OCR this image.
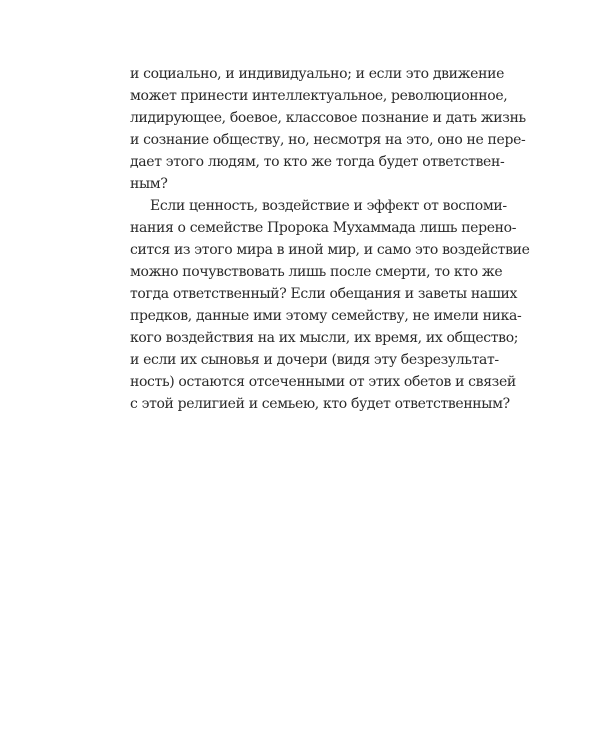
и социально, и индивидуально; и если это движение
может принести интеллектуальное, революционное,
лидирующее, боевое, классовое познание и дать жизнь
и сознание обществу, но, несмотря на это, оно не пере-
дает этого людям, то кто же тогда будет ответствен-
ным?
Если ценность, воздействие и эффект от воспоми-
нания о семействе Пророка Мухаммада лишь перено-
сится из этого мира в иной мир, и само это воздействие
можно почувствовать лишь после смерти, то кто же
тогда ответственный? Если обещания и заветы наших
предков, данные ими этому семейству, не имели ника-
кого воздействия на их мысли, их время, их общество;
и если их сыновья и дочери (видя эту безрезультат-
ность) остаются отсеченными от этих обетов и связей
с этой религией и семьею, кто будет ответственным?
